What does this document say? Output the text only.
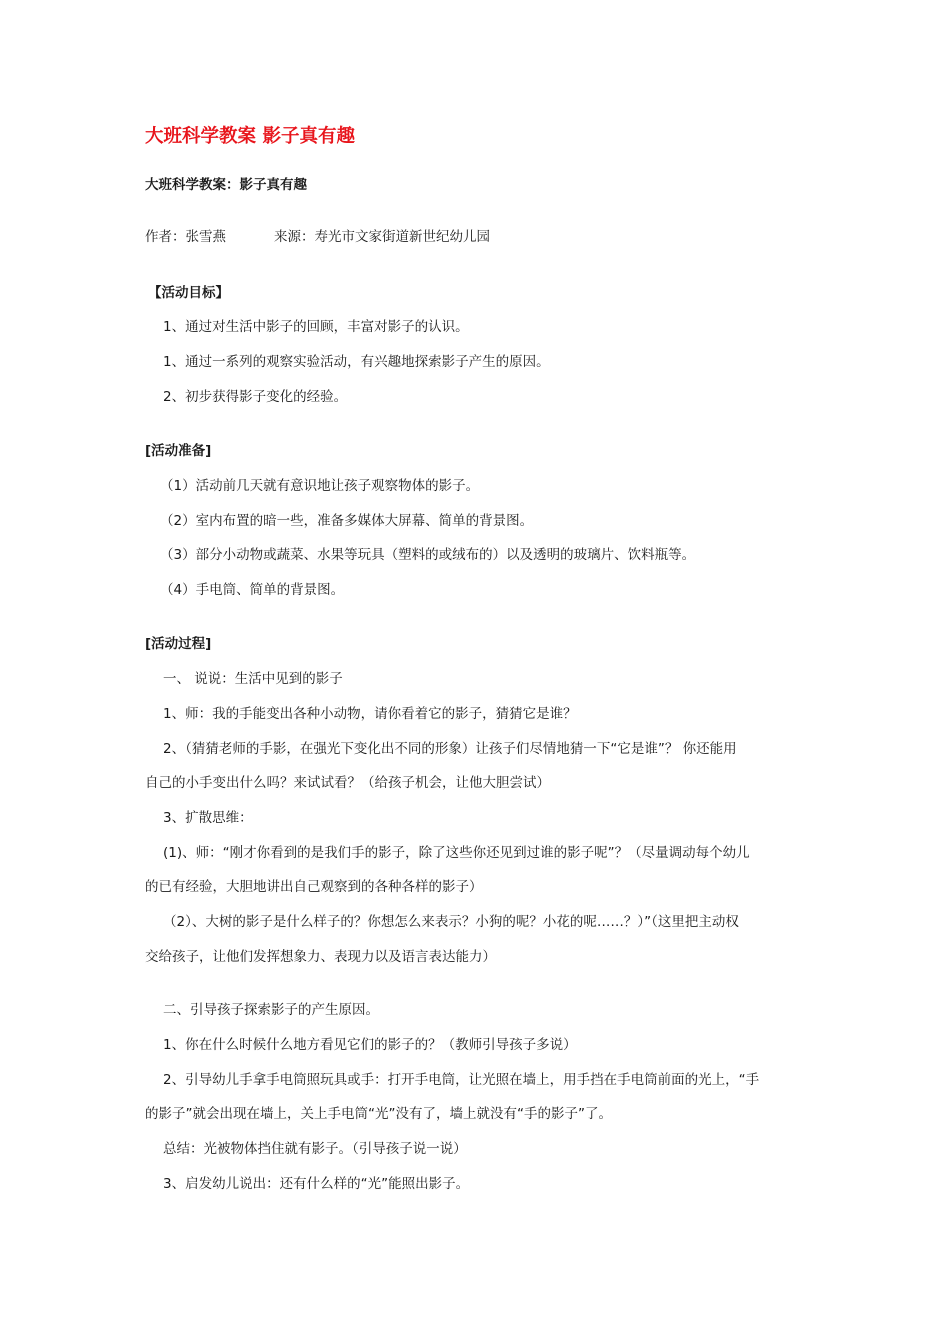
大班科学教案 影子真有趣

大班科学教案：影子真有趣

作者：张雪燕	来源：寿光市文家街道新世纪幼儿园

【活动目标】

1、通过对生活中影子的回顾，丰富对影子的认识。

1、通过一系列的观察实验活动，有兴趣地探索影子产生的原因。

2、初步获得影子变化的经验。

[活动准备]

（1）活动前几天就有意识地让孩子观察物体的影子。

（2）室内布置的暗一些，准备多媒体大屏幕、简单的背景图。

（3）部分小动物或蔬菜、水果等玩具（塑料的或绒布的）以及透明的玻璃片、饮料瓶等。

（4）手电筒、简单的背景图。

[活动过程]

一、 说说：生活中见到的影子

1、师：我的手能变出各种小动物，请你看着它的影子，猜猜它是谁？

2、（猜猜老师的手影，在强光下变化出不同的形象）让孩子们尽情地猜一下“它是谁”？ 你还能用

自己的小手变出什么吗？来试试看？（给孩子机会，让他大胆尝试）

3、扩散思维：

(1)、师：“刚才你看到的是我们手的影子，除了这些你还见到过谁的影子呢”？（尽量调动每个幼儿

的已有经验，大胆地讲出自己观察到的各种各样的影子）

（2）、大树的影子是什么样子的？你想怎么来表示？小狗的呢？小花的呢……？）”（这里把主动权

交给孩子，让他们发挥想象力、表现力以及语言表达能力）

二、引导孩子探索影子的产生原因。

1、你在什么时候什么地方看见它们的影子的？（教师引导孩子多说）

2、引导幼儿手拿手电筒照玩具或手：打开手电筒，让光照在墙上，用手挡在手电筒前面的光上，“手

的影子”就会出现在墙上，关上手电筒“光”没有了，墙上就没有“手的影子”了。

总结：光被物体挡住就有影子。（引导孩子说一说）

3、启发幼儿说出：还有什么样的“光”能照出影子。
